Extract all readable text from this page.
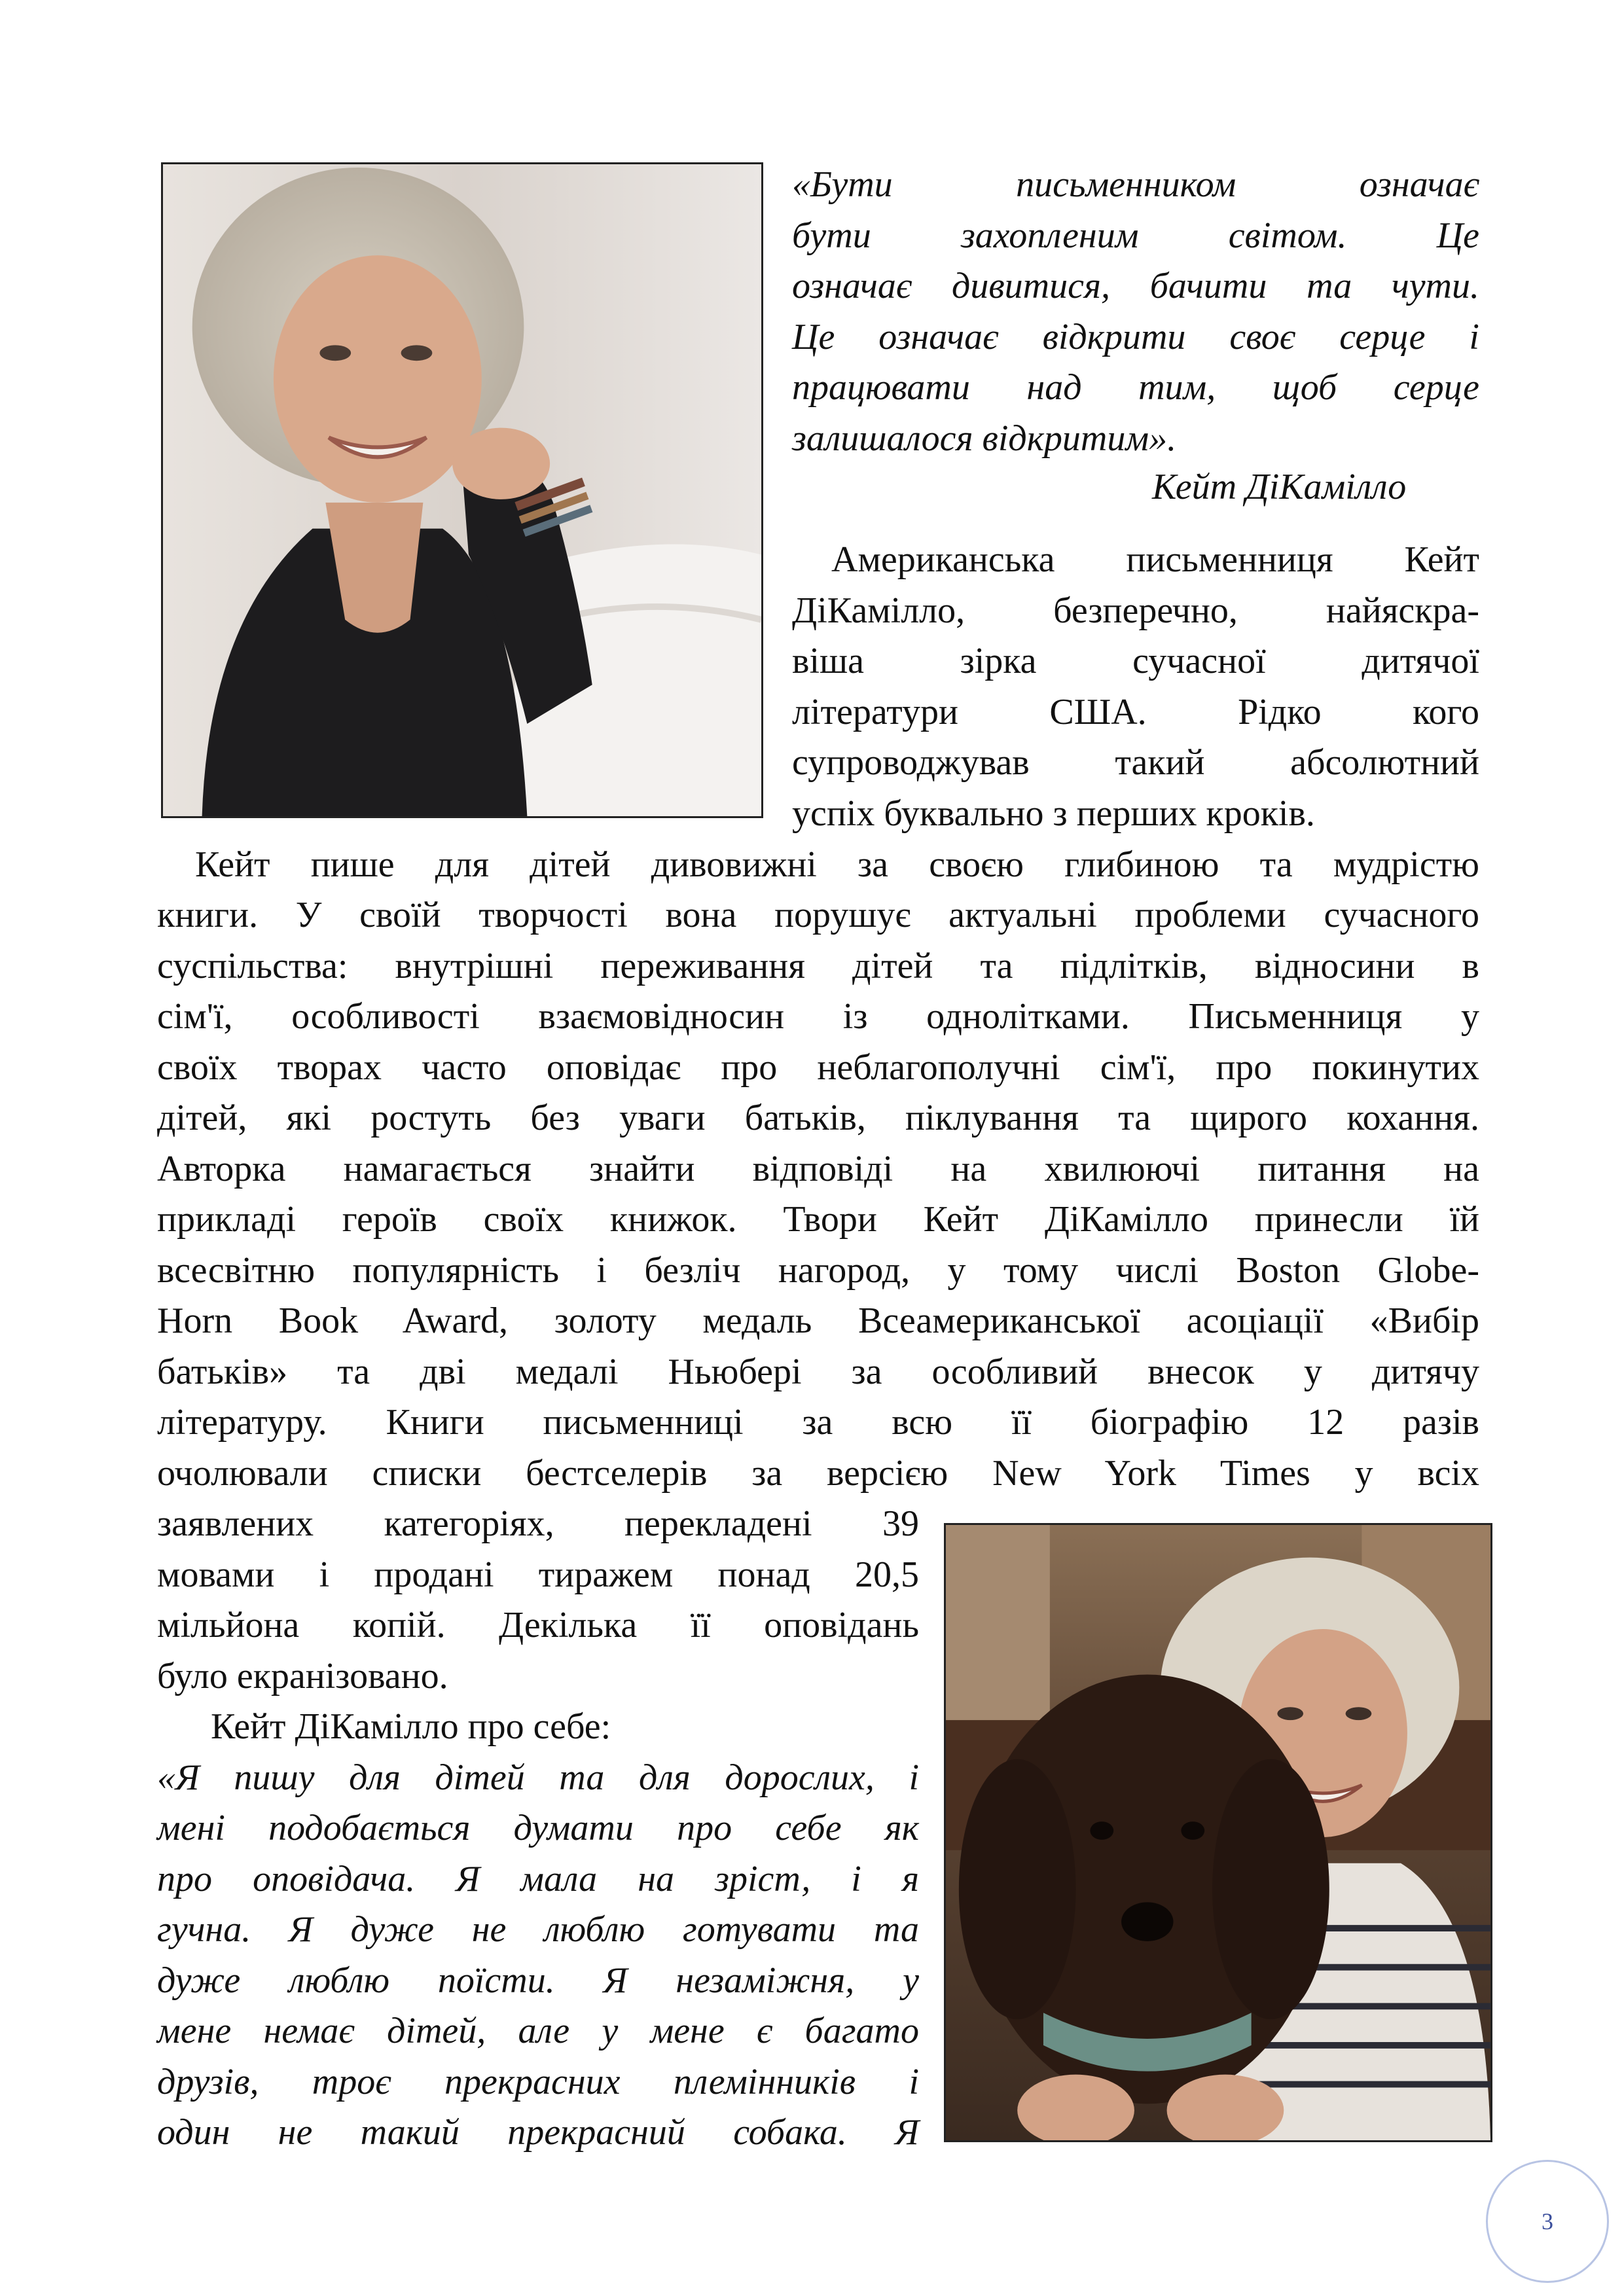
«Бути письменником означає

бути захопленим світом. Це

означає дивитися, бачити та чути.

Це означає відкрити своє серце і

працювати над тим, щоб серце

залишалося відкритим».

Кейт ДіКамілло

Американська письменниця Кейт

ДіКамілло, безперечно, найяскра-

віша зірка сучасної дитячої

літератури США. Рідко кого

супроводжував такий абсолютний

успіх буквально з перших кроків.

Кейт пише для дітей дивовижні за своєю глибиною та мудрістю

книги. У своїй творчості вона порушує актуальні проблеми сучасного

суспільства: внутрішні переживання дітей та підлітків, відносини в

сім'ї, особливості взаємовідносин із однолітками. Письменниця у

своїх творах часто оповідає про неблагополучні сім'ї, про покинутих

дітей, які ростуть без уваги батьків, піклування та щирого кохання.

Авторка намагається знайти відповіді на хвилюючі питання на

прикладі героїв своїх книжок. Твори Кейт ДіКамілло принесли їй

всесвітню популярність і безліч нагород, у тому числі Boston Globe-

Horn Book Award, золоту медаль Всеамериканської асоціації «Вибір

батьків» та дві медалі Ньюбері за особливий внесок у дитячу

літературу. Книги письменниці за всю її біографію 12 разів

очолювали списки бестселерів за версією New York Times у всіх

заявлених категоріях, перекладені 39

мовами і продані тиражем понад 20,5

мільйона копій. Декілька її оповідань

було екранізовано.

Кейт ДіКамілло про себе:

«Я пишу для дітей та для дорослих, і

мені подобається думати про себе як

про оповідача. Я мала на зріст, і я

гучна. Я дуже не люблю готувати та

дуже люблю поїсти. Я незаміжня, у

мене немає дітей, але у мене є багато

друзів, троє прекрасних племінників і

один не такий прекрасний собака. Я

3
